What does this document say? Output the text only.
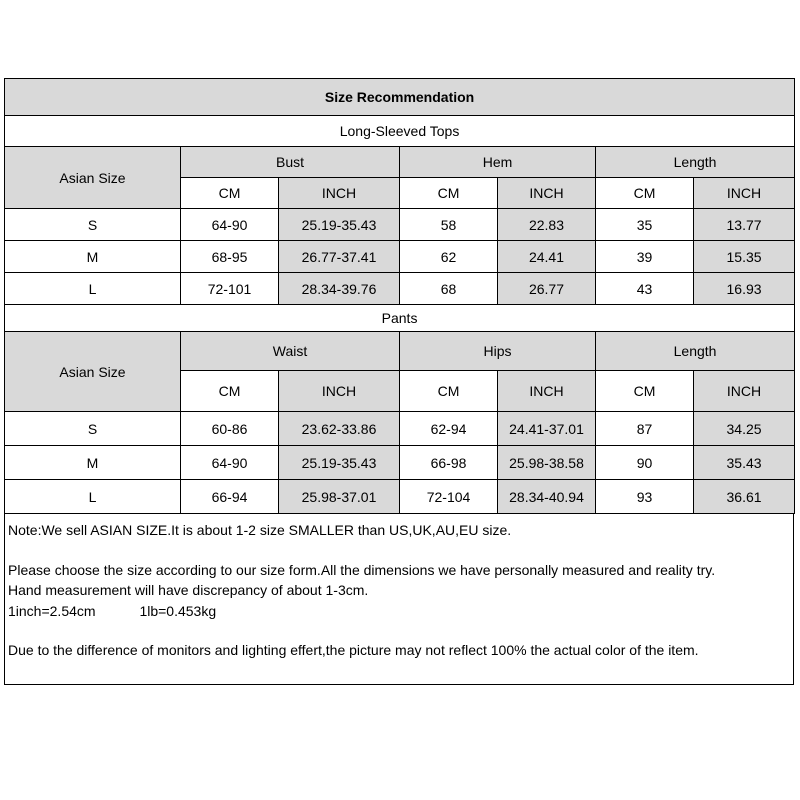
Size Recommendation						
Long-Sleeved Tops						
Asian Size	Bust		Hem		Length	
	CM	INCH	CM	INCH	CM	INCH
S	64-90	25.19-35.43	58	22.83	35	13.77
M	68-95	26.77-37.41	62	24.41	39	15.35
L	72-101	28.34-39.76	68	26.77	43	16.93
Pants						
Asian Size	Waist		Hips		Length	
	CM	INCH	CM	INCH	CM	INCH
S	60-86	23.62-33.86	62-94	24.41-37.01	87	34.25
M	64-90	25.19-35.43	66-98	25.98-38.58	90	35.43
L	66-94	25.98-37.01	72-104	28.34-40.94	93	36.61
Note:We sell ASIAN SIZE.It is about 1-2 size SMALLER than US,UK,AU,EU size.
Please choose the size according to our size form.All the dimensions we have personally measured and reality try.
Hand measurement will have discrepancy of about 1-3cm.
1inch=2.54cm	1lb=0.453kg
Due to the difference of monitors and lighting effert,the picture may not reflect 100% the actual color of the item.
